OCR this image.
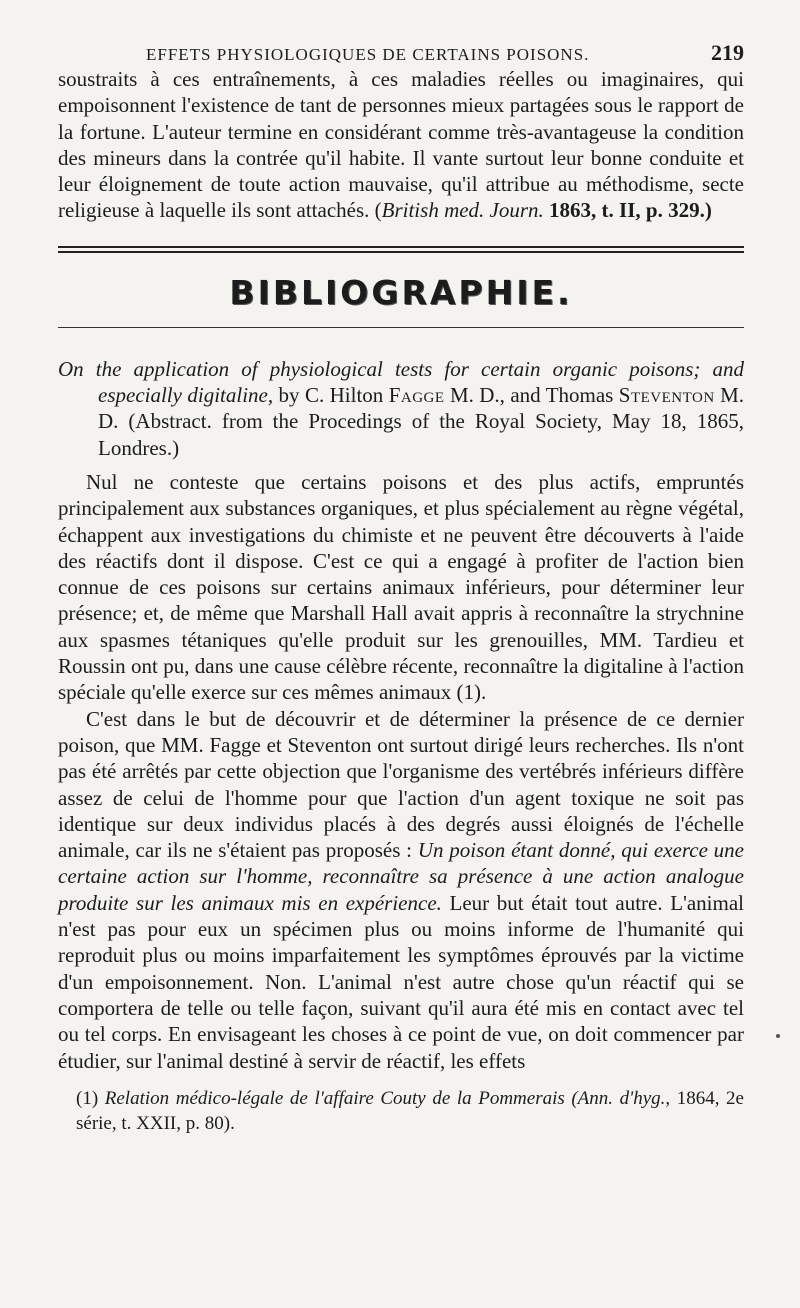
EFFETS PHYSIOLOGIQUES DE CERTAINS POISONS.	219

soustraits à ces entraînements, à ces maladies réelles ou imaginaires, qui empoisonnent l'existence de tant de personnes mieux partagées sous le rapport de la fortune. L'auteur termine en considérant comme très-avantageuse la condition des mineurs dans la contrée qu'il habite. Il vante surtout leur bonne conduite et leur éloignement de toute action mauvaise, qu'il attribue au méthodisme, secte religieuse à laquelle ils sont attachés. (British med. Journ. 1863, t. II, p. 329.)

BIBLIOGRAPHIE.

On the application of physiological tests for certain organic poisons; and especially digitaline, by C. Hilton Fagge M. D., and Thomas Steventon M. D. (Abstract. from the Procedings of the Royal Society, May 18, 1865, Londres.)

Nul ne conteste que certains poisons et des plus actifs, empruntés principalement aux substances organiques, et plus spécialement au règne végétal, échappent aux investigations du chimiste et ne peuvent être découverts à l'aide des réactifs dont il dispose. C'est ce qui a engagé à profiter de l'action bien connue de ces poisons sur certains animaux inférieurs, pour déterminer leur présence; et, de même que Marshall Hall avait appris à reconnaître la strychnine aux spasmes tétaniques qu'elle produit sur les grenouilles, MM. Tardieu et Roussin ont pu, dans une cause célèbre récente, reconnaître la digitaline à l'action spéciale qu'elle exerce sur ces mêmes animaux (1).

C'est dans le but de découvrir et de déterminer la présence de ce dernier poison, que MM. Fagge et Steventon ont surtout dirigé leurs recherches. Ils n'ont pas été arrêtés par cette objection que l'organisme des vertébrés inférieurs diffère assez de celui de l'homme pour que l'action d'un agent toxique ne soit pas identique sur deux individus placés à des degrés aussi éloignés de l'échelle animale, car ils ne s'étaient pas proposés : Un poison étant donné, qui exerce une certaine action sur l'homme, reconnaître sa présence à une action analogue produite sur les animaux mis en expérience. Leur but était tout autre. L'animal n'est pas pour eux un spécimen plus ou moins informe de l'humanité qui reproduit plus ou moins imparfaitement les symptômes éprouvés par la victime d'un empoisonnement. Non. L'animal n'est autre chose qu'un réactif qui se comportera de telle ou telle façon, suivant qu'il aura été mis en contact avec tel ou tel corps. En envisageant les choses à ce point de vue, on doit commencer par étudier, sur l'animal destiné à servir de réactif, les effets

(1) Relation médico-légale de l'affaire Couty de la Pommerais (Ann. d'hyg., 1864, 2e série, t. XXII, p. 80).
